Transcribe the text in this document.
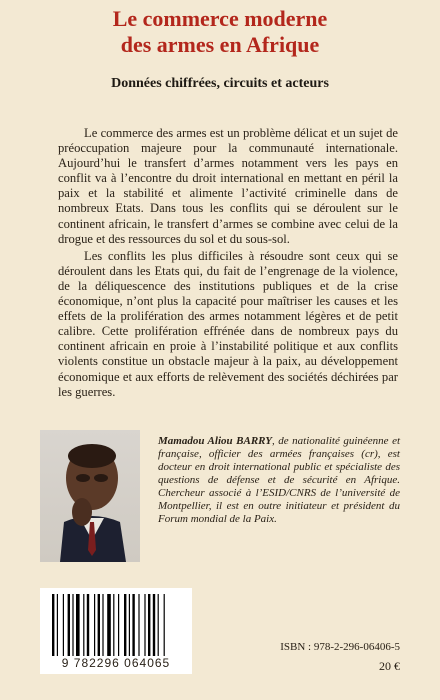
Le commerce moderne
des armes en Afrique
Données chiffrées, circuits et acteurs

Le commerce des armes est un problème délicat et un sujet de préoccupation majeure pour la communauté internationale. Aujourd’hui le transfert d’armes notamment vers les pays en conflit va à l’encontre du droit international en mettant en péril la paix et la stabilité et alimente l’activité criminelle dans de nombreux Etats. Dans tous les conflits qui se déroulent sur le continent africain, le transfert d’armes se combine avec celui de la drogue et des ressources du sol et du sous-sol.

Les conflits les plus difficiles à résoudre sont ceux qui se déroulent dans les Etats qui, du fait de l’engrenage de la violence, de la déliquescence des institutions publiques et de la crise économique, n’ont plus la capacité pour maîtriser les causes et les effets de la prolifération des armes notamment légères et de petit calibre. Cette prolifération effrénée dans de nombreux pays du continent africain en proie à l’instabilité politique et aux conflits violents constitue un obstacle majeur à la paix, au développement économique et aux efforts de relèvement des sociétés déchirées par les guerres.

Mamadou Aliou BARRY, de nationalité guinéenne et française, officier des armées françaises (cr), est docteur en droit international public et spécialiste des questions de défense et de sécurité en Afrique. Chercheur associé à l’ESID/CNRS de l’université de Montpellier, il est en outre initiateur et président du Forum mondial de la Paix.
9 782296 064065
ISBN : 978-2-296-06406-5
20 €
